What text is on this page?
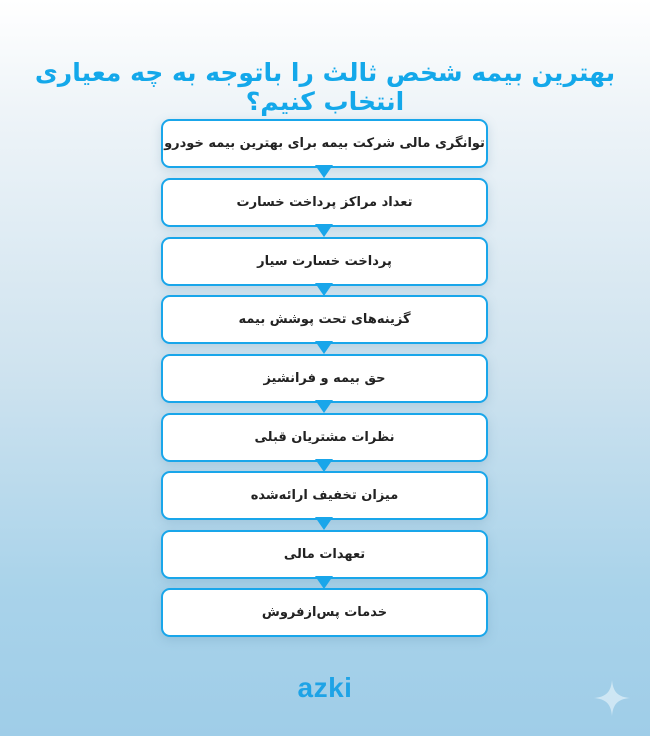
بهترین بیمه شخص ثالث را باتوجه به چه معیاری انتخاب کنیم؟
توانگری مالی شرکت بیمه برای بهترین بیمه خودرو
تعداد مراکز پرداخت خسارت
پرداخت خسارت سیار
گزینه‌های تحت پوشش بیمه
حق بیمه و فرانشیز
نظرات مشتریان قبلی
میزان تخفیف ارائه‌شده
تعهدات مالی
خدمات پس‌ازفروش
azki
